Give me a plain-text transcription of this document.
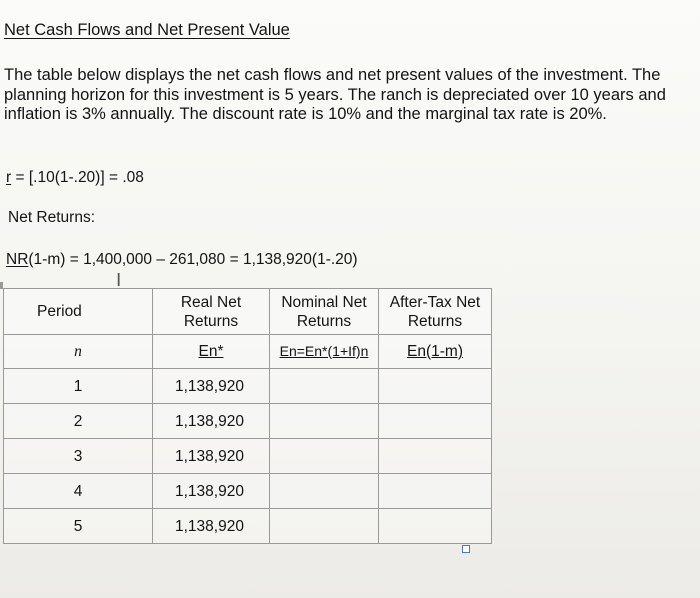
Net Cash Flows and Net Present Value

The table below displays the net cash flows and net present values of the investment. The planning horizon for this investment is 5 years. The ranch is depreciated over 10 years and inflation is 3% annually. The discount rate is 10% and the marginal tax rate is 20%.

r = [.10(1-.20)] = .08
Net Returns:
NR(1-m) = 1,400,000 – 261,080 = 1,138,920(1-.20)
I
Period	Real Net Returns	Nominal Net Returns	After-Tax Net Returns

n	En*	En=En*(1+If)n	En(1-m)
1	1,138,920		
2	1,138,920		
3	1,138,920		
4	1,138,920		
5	1,138,920		
